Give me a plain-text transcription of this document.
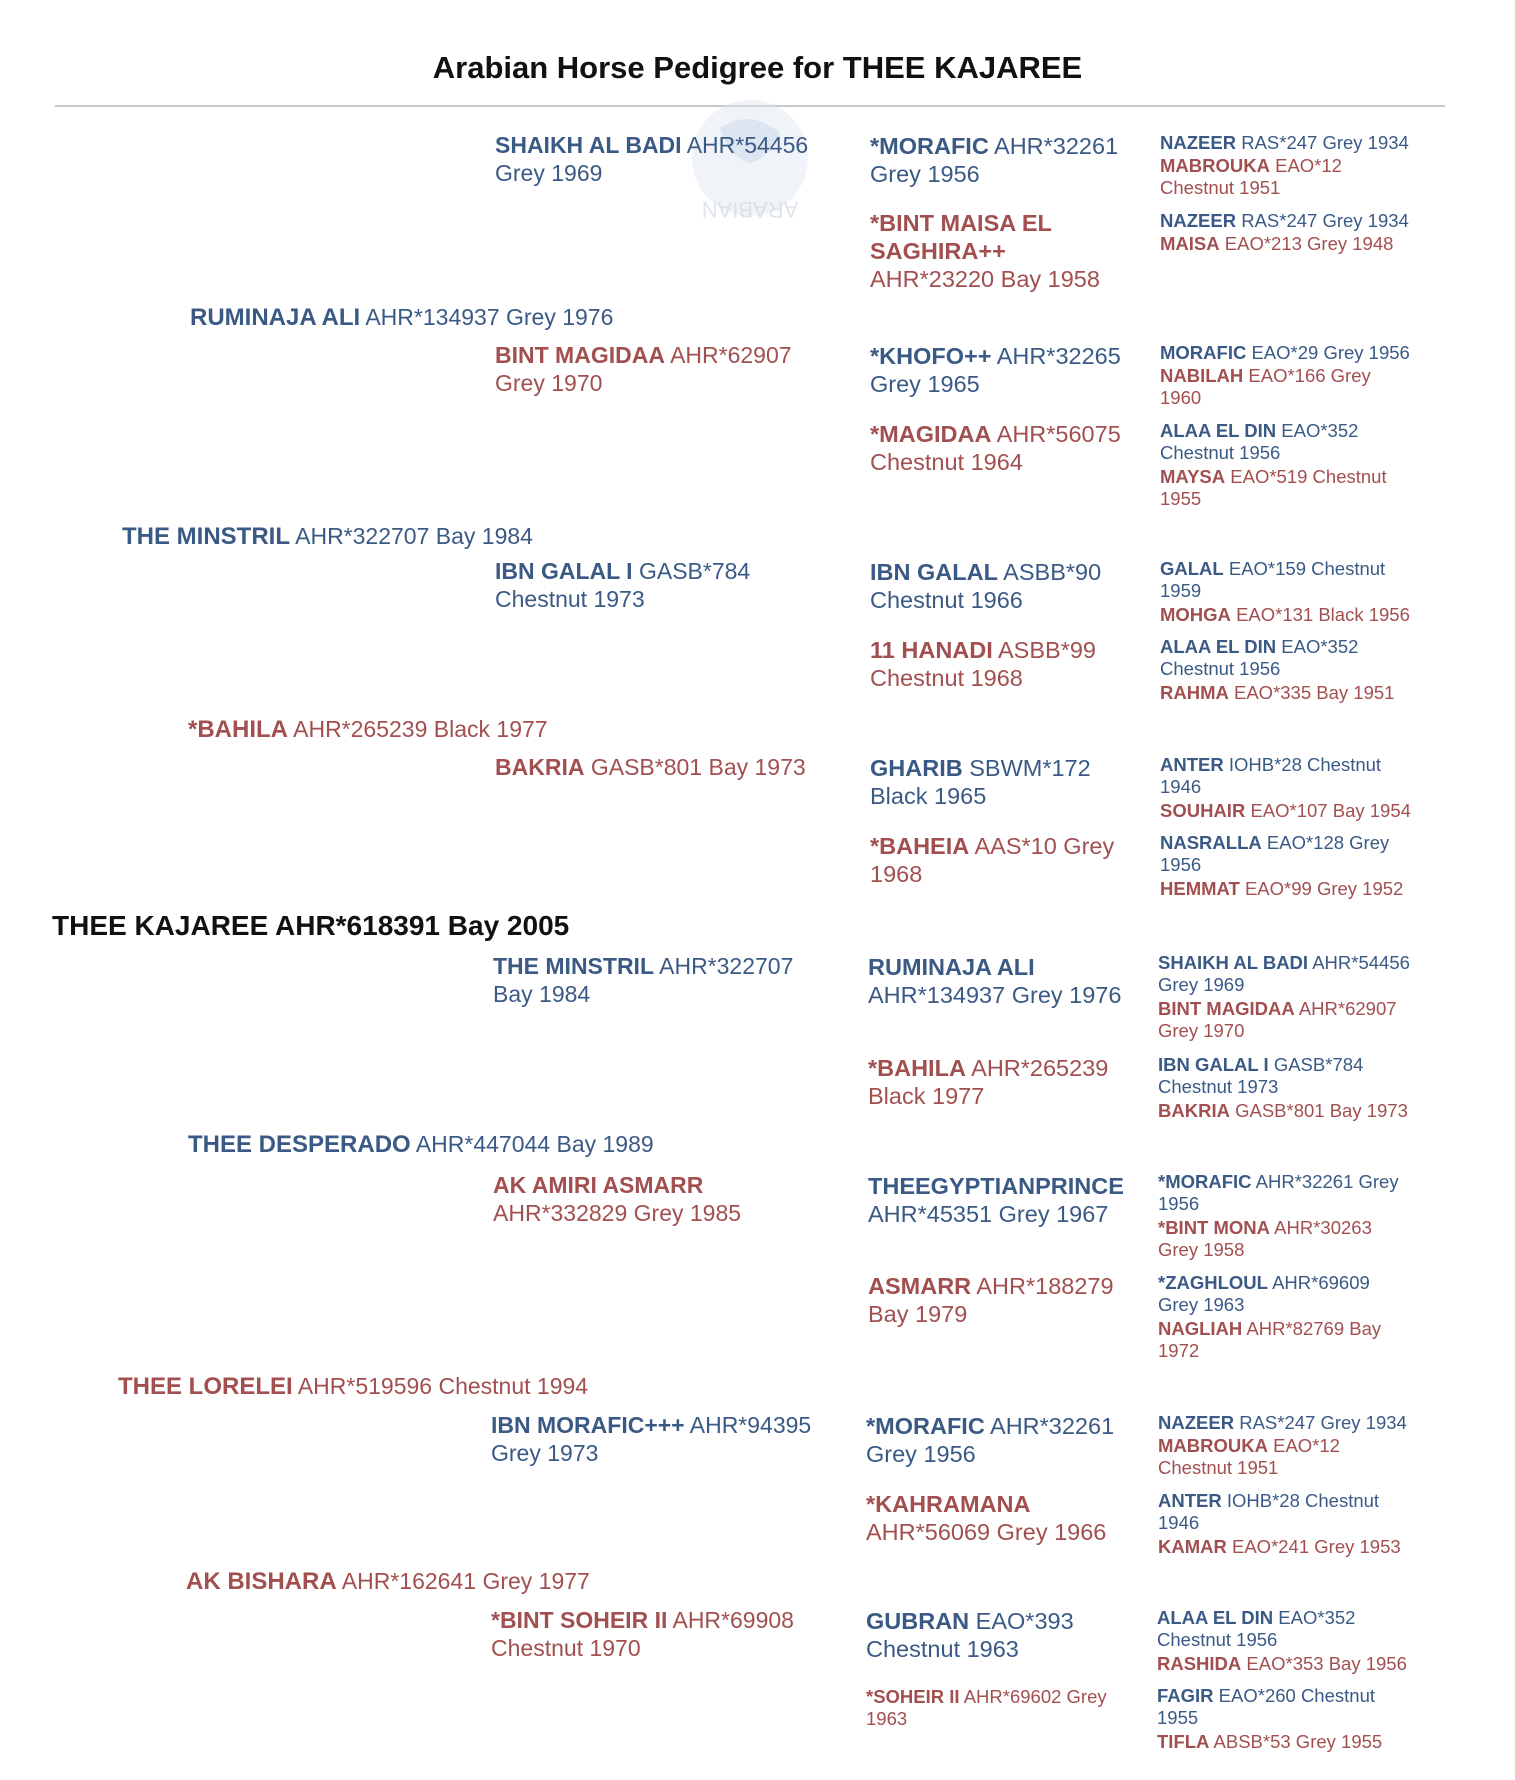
Arabian Horse Pedigree for THEE KAJAREE
ARABIAN
NAZEER RAS*247 Grey 1934
MABROUKA EAO*12
Chestnut 1951
NAZEER RAS*247 Grey 1934
MAISA EAO*213 Grey 1948
MORAFIC EAO*29 Grey 1956
NABILAH EAO*166 Grey
1960
ALAA EL DIN EAO*352
Chestnut 1956
MAYSA EAO*519 Chestnut
1955
GALAL EAO*159 Chestnut
1959
MOHGA EAO*131 Black 1956
ALAA EL DIN EAO*352
Chestnut 1956
RAHMA EAO*335 Bay 1951
ANTER IOHB*28 Chestnut
1946
SOUHAIR EAO*107 Bay 1954
NASRALLA EAO*128 Grey
1956
HEMMAT EAO*99 Grey 1952
*MORAFIC AHR*32261
Grey 1956
*BINT MAISA EL
SAGHIRA++
AHR*23220 Bay 1958
*KHOFO++ AHR*32265
Grey 1965
*MAGIDAA AHR*56075
Chestnut 1964
IBN GALAL ASBB*90
Chestnut 1966
11 HANADI ASBB*99
Chestnut 1968
GHARIB SBWM*172
Black 1965
*BAHEIA AAS*10 Grey
1968
SHAIKH AL BADI AHR*54456
Grey 1969
BINT MAGIDAA AHR*62907
Grey 1970
IBN GALAL I GASB*784
Chestnut 1973
BAKRIA GASB*801 Bay 1973
RUMINAJA ALI AHR*134937 Grey 1976
THE MINSTRIL AHR*322707 Bay 1984
*BAHILA AHR*265239 Black 1977
THEE KAJAREE AHR*618391 Bay 2005
SHAIKH AL BADI AHR*54456
Grey 1969
BINT MAGIDAA AHR*62907
Grey 1970
IBN GALAL I GASB*784
Chestnut 1973
BAKRIA GASB*801 Bay 1973
*MORAFIC AHR*32261 Grey
1956
*BINT MONA AHR*30263
Grey 1958
*ZAGHLOUL AHR*69609
Grey 1963
NAGLIAH AHR*82769 Bay
1972
NAZEER RAS*247 Grey 1934
MABROUKA EAO*12
Chestnut 1951
ANTER IOHB*28 Chestnut
1946
KAMAR EAO*241 Grey 1953
ALAA EL DIN EAO*352
Chestnut 1956
RASHIDA EAO*353 Bay 1956
FAGIR EAO*260 Chestnut
1955
TIFLA ABSB*53 Grey 1955
RUMINAJA ALI
AHR*134937 Grey 1976
*BAHILA AHR*265239
Black 1977
THEEGYPTIANPRINCE
AHR*45351 Grey 1967
ASMARR AHR*188279
Bay 1979
*MORAFIC AHR*32261
Grey 1956
*KAHRAMANA
AHR*56069 Grey 1966
GUBRAN EAO*393
Chestnut 1963
*SOHEIR II AHR*69602 Grey
1963
THE MINSTRIL AHR*322707
Bay 1984
AK AMIRI ASMARR
AHR*332829 Grey 1985
IBN MORAFIC+++ AHR*94395
Grey 1973
*BINT SOHEIR II AHR*69908
Chestnut 1970
THEE DESPERADO AHR*447044 Bay 1989
THEE LORELEI AHR*519596 Chestnut 1994
AK BISHARA AHR*162641 Grey 1977
